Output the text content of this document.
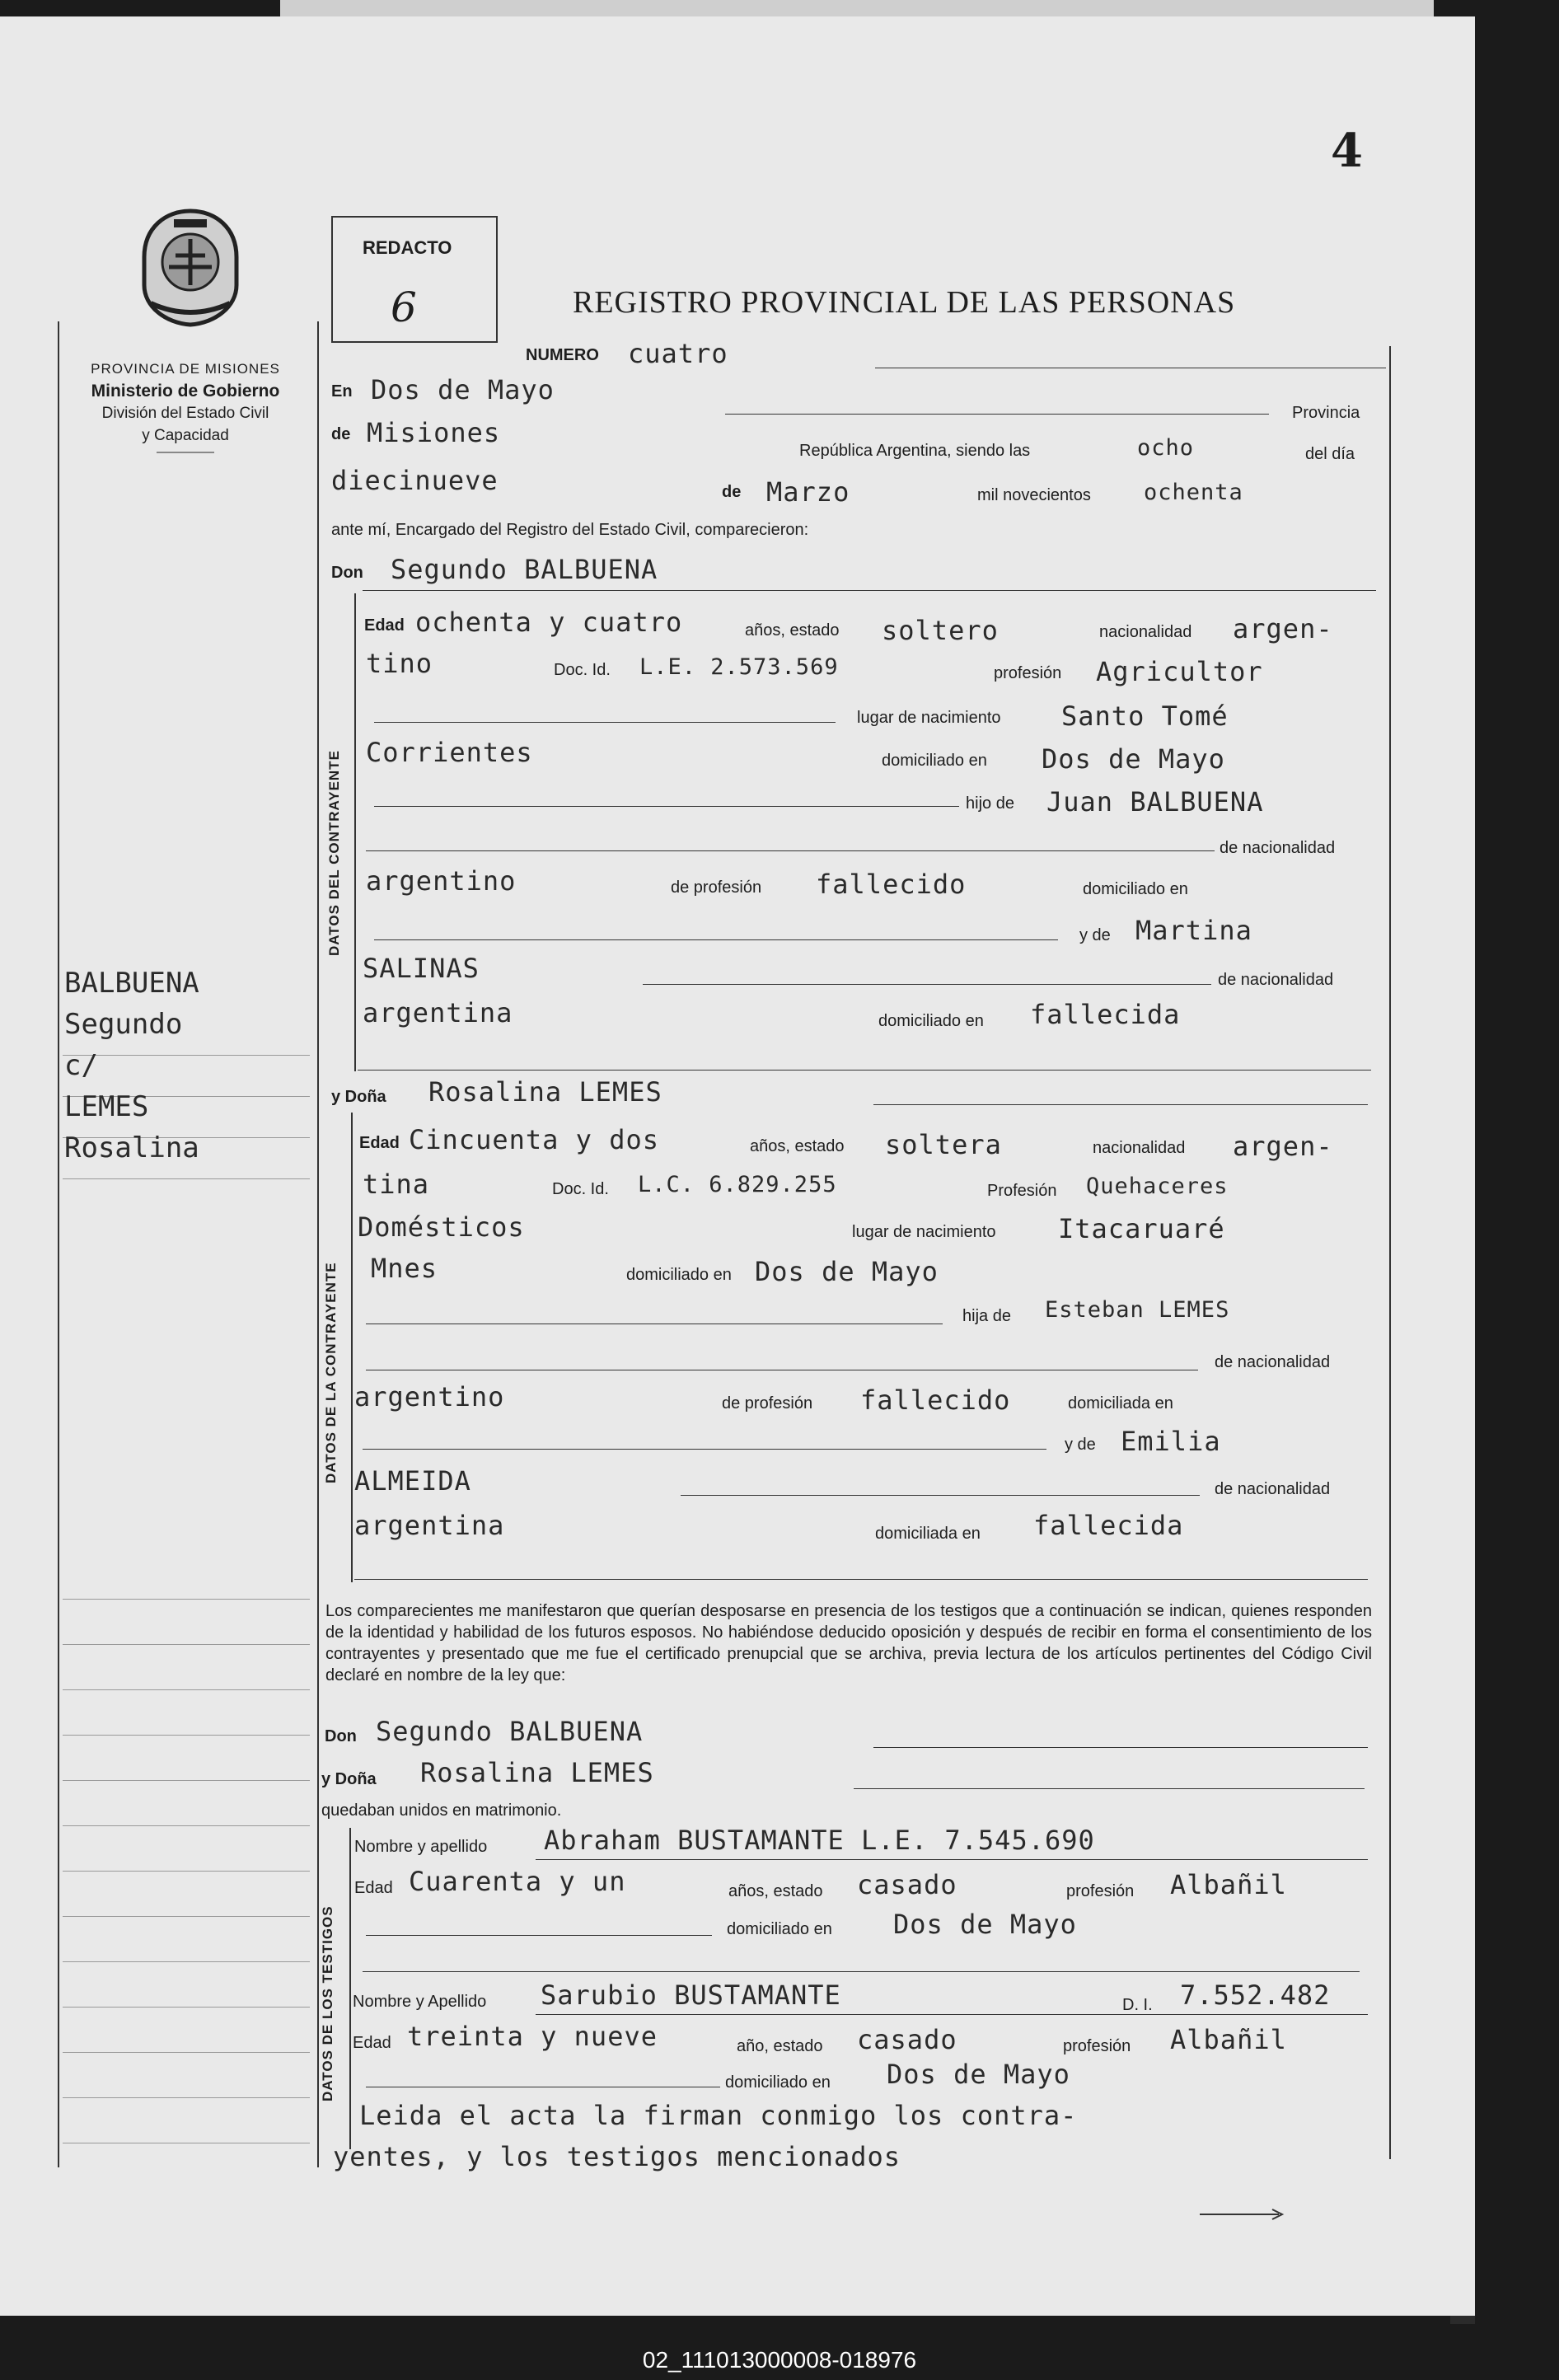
4
PROVINCIA DE MISIONES
Ministerio de Gobierno
División del Estado Civil
y Capacidad
REDACTO
6	REGISTRO PROVINCIAL DE LAS PERSONAS
BALBUENA
Segundo
c/
LEMES
Rosalina
NUMERO cuatro
En Dos de Mayo
Provincia
de Misiones
República Argentina, siendo las	ocho	del día
diecinueve	de Marzo	mil novecientos ochenta
ante mí, Encargado del Registro del Estado Civil, comparecieron:
Don Segundo BALBUENA
DATOS DEL CONTRAYENTE
Edad ochenta y cuatro	años, estado soltero	nacionalidad argen-
tino	Doc. Id. L.E. 2.573.569	profesión Agricultor
lugar de nacimiento Santo Tomé
Corrientes	domiciliado en Dos de Mayo
hijo de Juan BALBUENA
de nacionalidad
argentino	de profesión fallecido	domiciliado en
y de Martina
SALINAS	de nacionalidad
argentina	domiciliado en fallecida
y Doña Rosalina LEMES
DATOS DE LA CONTRAYENTE
Edad Cincuenta y dos	años, estado soltera	nacionalidad argen-
tina	Doc. Id. L.C. 6.829.255	Profesión Quehaceres
Domésticos	lugar de nacimiento Itacaruaré
Mnes	domiciliado en Dos de Mayo
hija de Esteban LEMES
de nacionalidad
argentino	de profesión fallecido	domiciliada en
y de Emilia
ALMEIDA	de nacionalidad
argentina	domiciliada en fallecida
Los comparecientes me manifestaron que querían desposarse en presencia de los testigos que a continuación se indican, quienes responden de la identidad y habilidad de los futuros esposos. No habiéndose deducido oposición y después de recibir en forma el consentimiento de los contrayentes y presentado que me fue el certificado prenupcial que se archiva, previa lectura de los artículos pertinentes del Código Civil declaré en nombre de la ley que:
Don Segundo BALBUENA
y Doña Rosalina LEMES
quedaban unidos en matrimonio.
DATOS DE LOS TESTIGOS
Nombre y apellido Abraham BUSTAMANTE L.E. 7.545.690
Edad Cuarenta y un	años, estado casado	profesión Albañil
domiciliado en Dos de Mayo
Nombre y Apellido Sarubio BUSTAMANTE	D. I. 7.552.482
Edad treinta y nueve	año, estado casado	profesión Albañil
domiciliado en Dos de Mayo
Leida el acta la firman conmigo los contra-
yentes, y los testigos mencionados
02_111013000008-018976
